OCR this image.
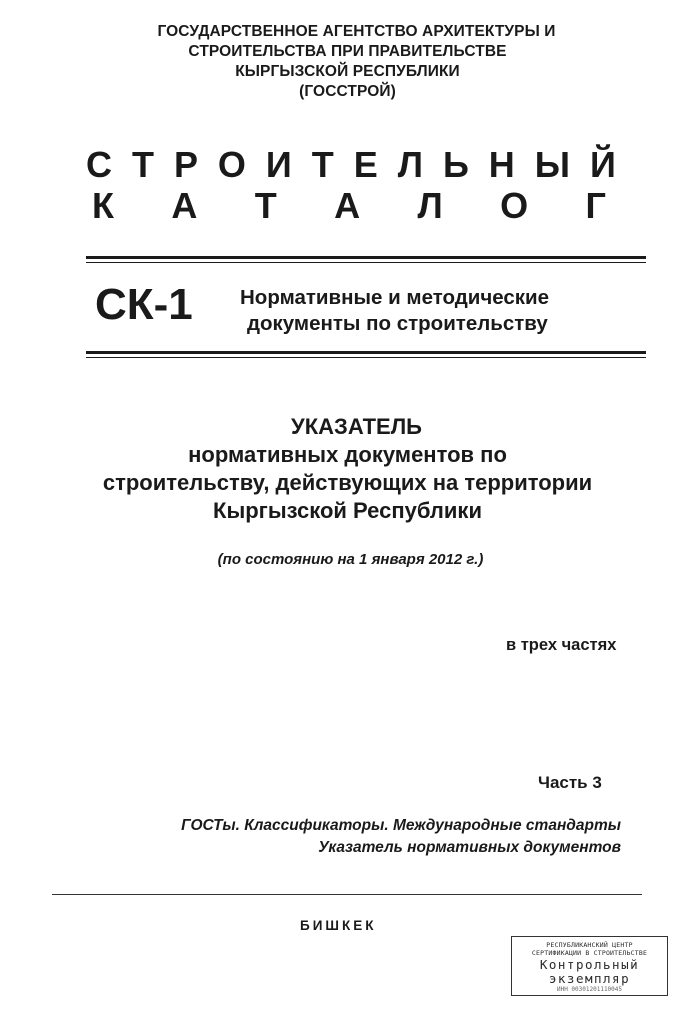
ГОСУДАРСТВЕННОЕ АГЕНТСТВО АРХИТЕКТУРЫ И
СТРОИТЕЛЬСТВА ПРИ ПРАВИТЕЛЬСТВЕ
КЫРГЫЗСКОЙ РЕСПУБЛИКИ
(ГОССТРОЙ)
С Т Р О И Т Е Л Ь Н Ы Й
К А Т А Л О Г
СК-1 Нормативные и методические
документы по строительству
УКАЗАТЕЛЬ
нормативных документов по
строительству, действующих на территории
Кыргызской Республики
(по состоянию на 1 января 2012 г.)
в трех частях
Часть 3
ГОСТы. Классификаторы. Международные стандарты
Указатель нормативных документов
БИШКЕК
РЕСПУБЛИКАНСКИЙ ЦЕНТР
СЕРТИФИКАЦИИ В СТРОИТЕЛЬСТВЕ
Контрольный
экземпляр
ИНН 00301201110045
